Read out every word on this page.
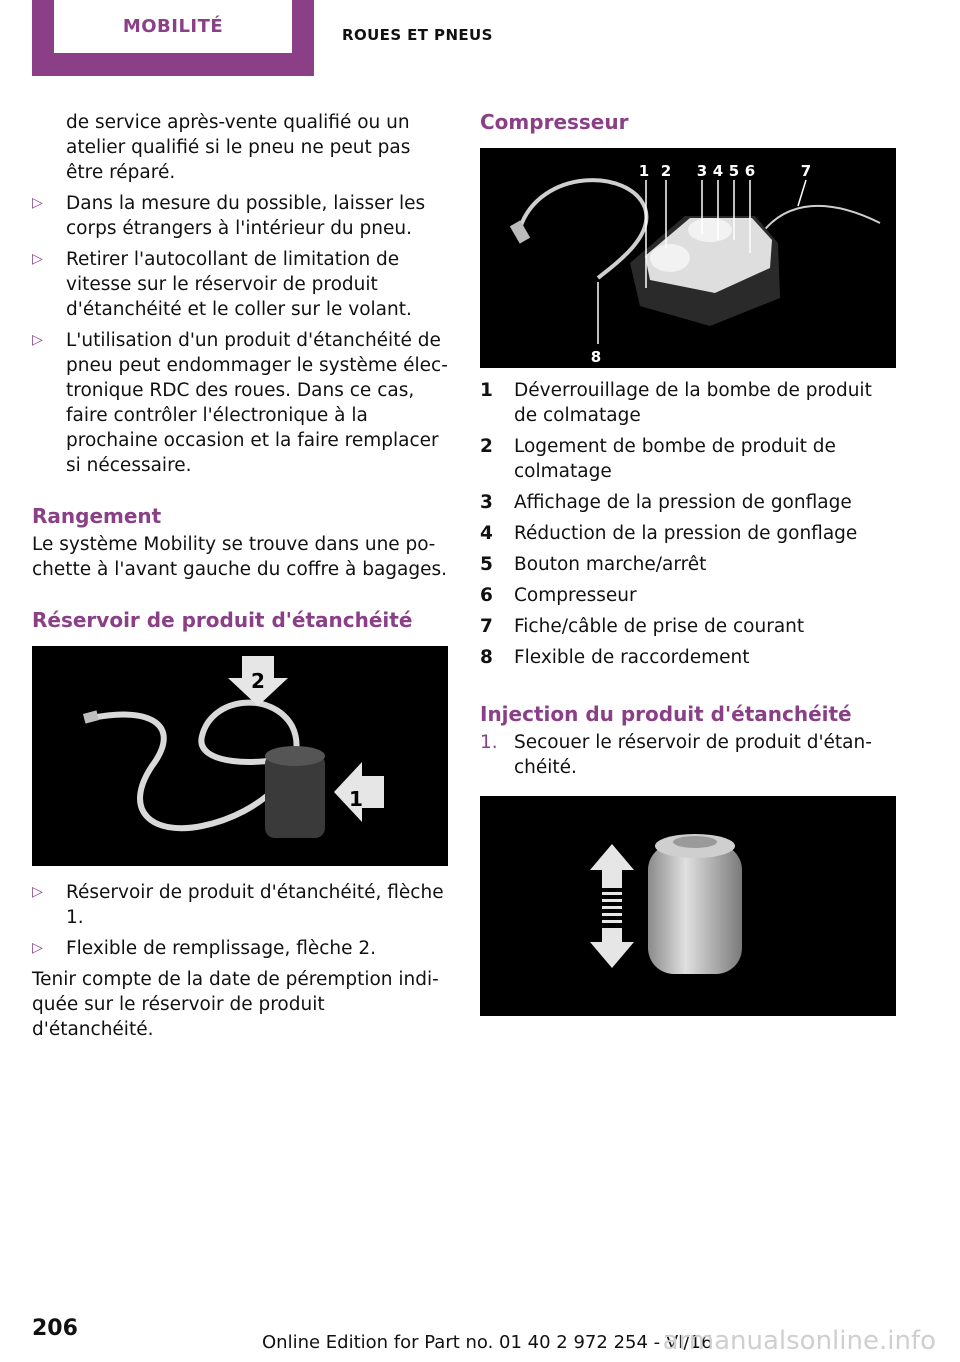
MOBILITÉ	ROUES ET PNEUS

de service après-vente qualifié ou un atelier qualifié si le pneu ne peut pas être réparé.

▷ Dans la mesure du possible, laisser les corps étrangers à l'intérieur du pneu.
▷ Retirer l'autocollant de limitation de vitesse sur le réservoir de produit d'étanchéité et le coller sur le volant.
▷ L'utilisation d'un produit d'étanchéité de pneu peut endommager le système électronique RDC des roues. Dans ce cas, faire contrôler l'électronique à la prochaine occasion et la faire remplacer si nécessaire.
Rangement

Le système Mobility se trouve dans une pochette à l'avant gauche du coffre à bagages.

Réservoir de produit d'étanchéité
2
1
▷ Réservoir de produit d'étanchéité, flèche 1.
▷ Flexible de remplissage, flèche 2.

Tenir compte de la date de péremption indiquée sur le réservoir de produit d'étanchéité.

Compresseur
1 2 3 4 5 6	7
8
1	Déverrouillage de la bombe de produit de colmatage
2	Logement de bombe de produit de colmatage
3	Affichage de la pression de gonflage
4	Réduction de la pression de gonflage
5	Bouton marche/arrêt
6	Compresseur
7	Fiche/câble de prise de courant
8	Flexible de raccordement
Injection du produit d'étanchéité
1. Secouer le réservoir de produit d'étanchéité.
206
Online Edition for Part no. 01 40 2 972 254 - VI/16
armanualsonline.info
